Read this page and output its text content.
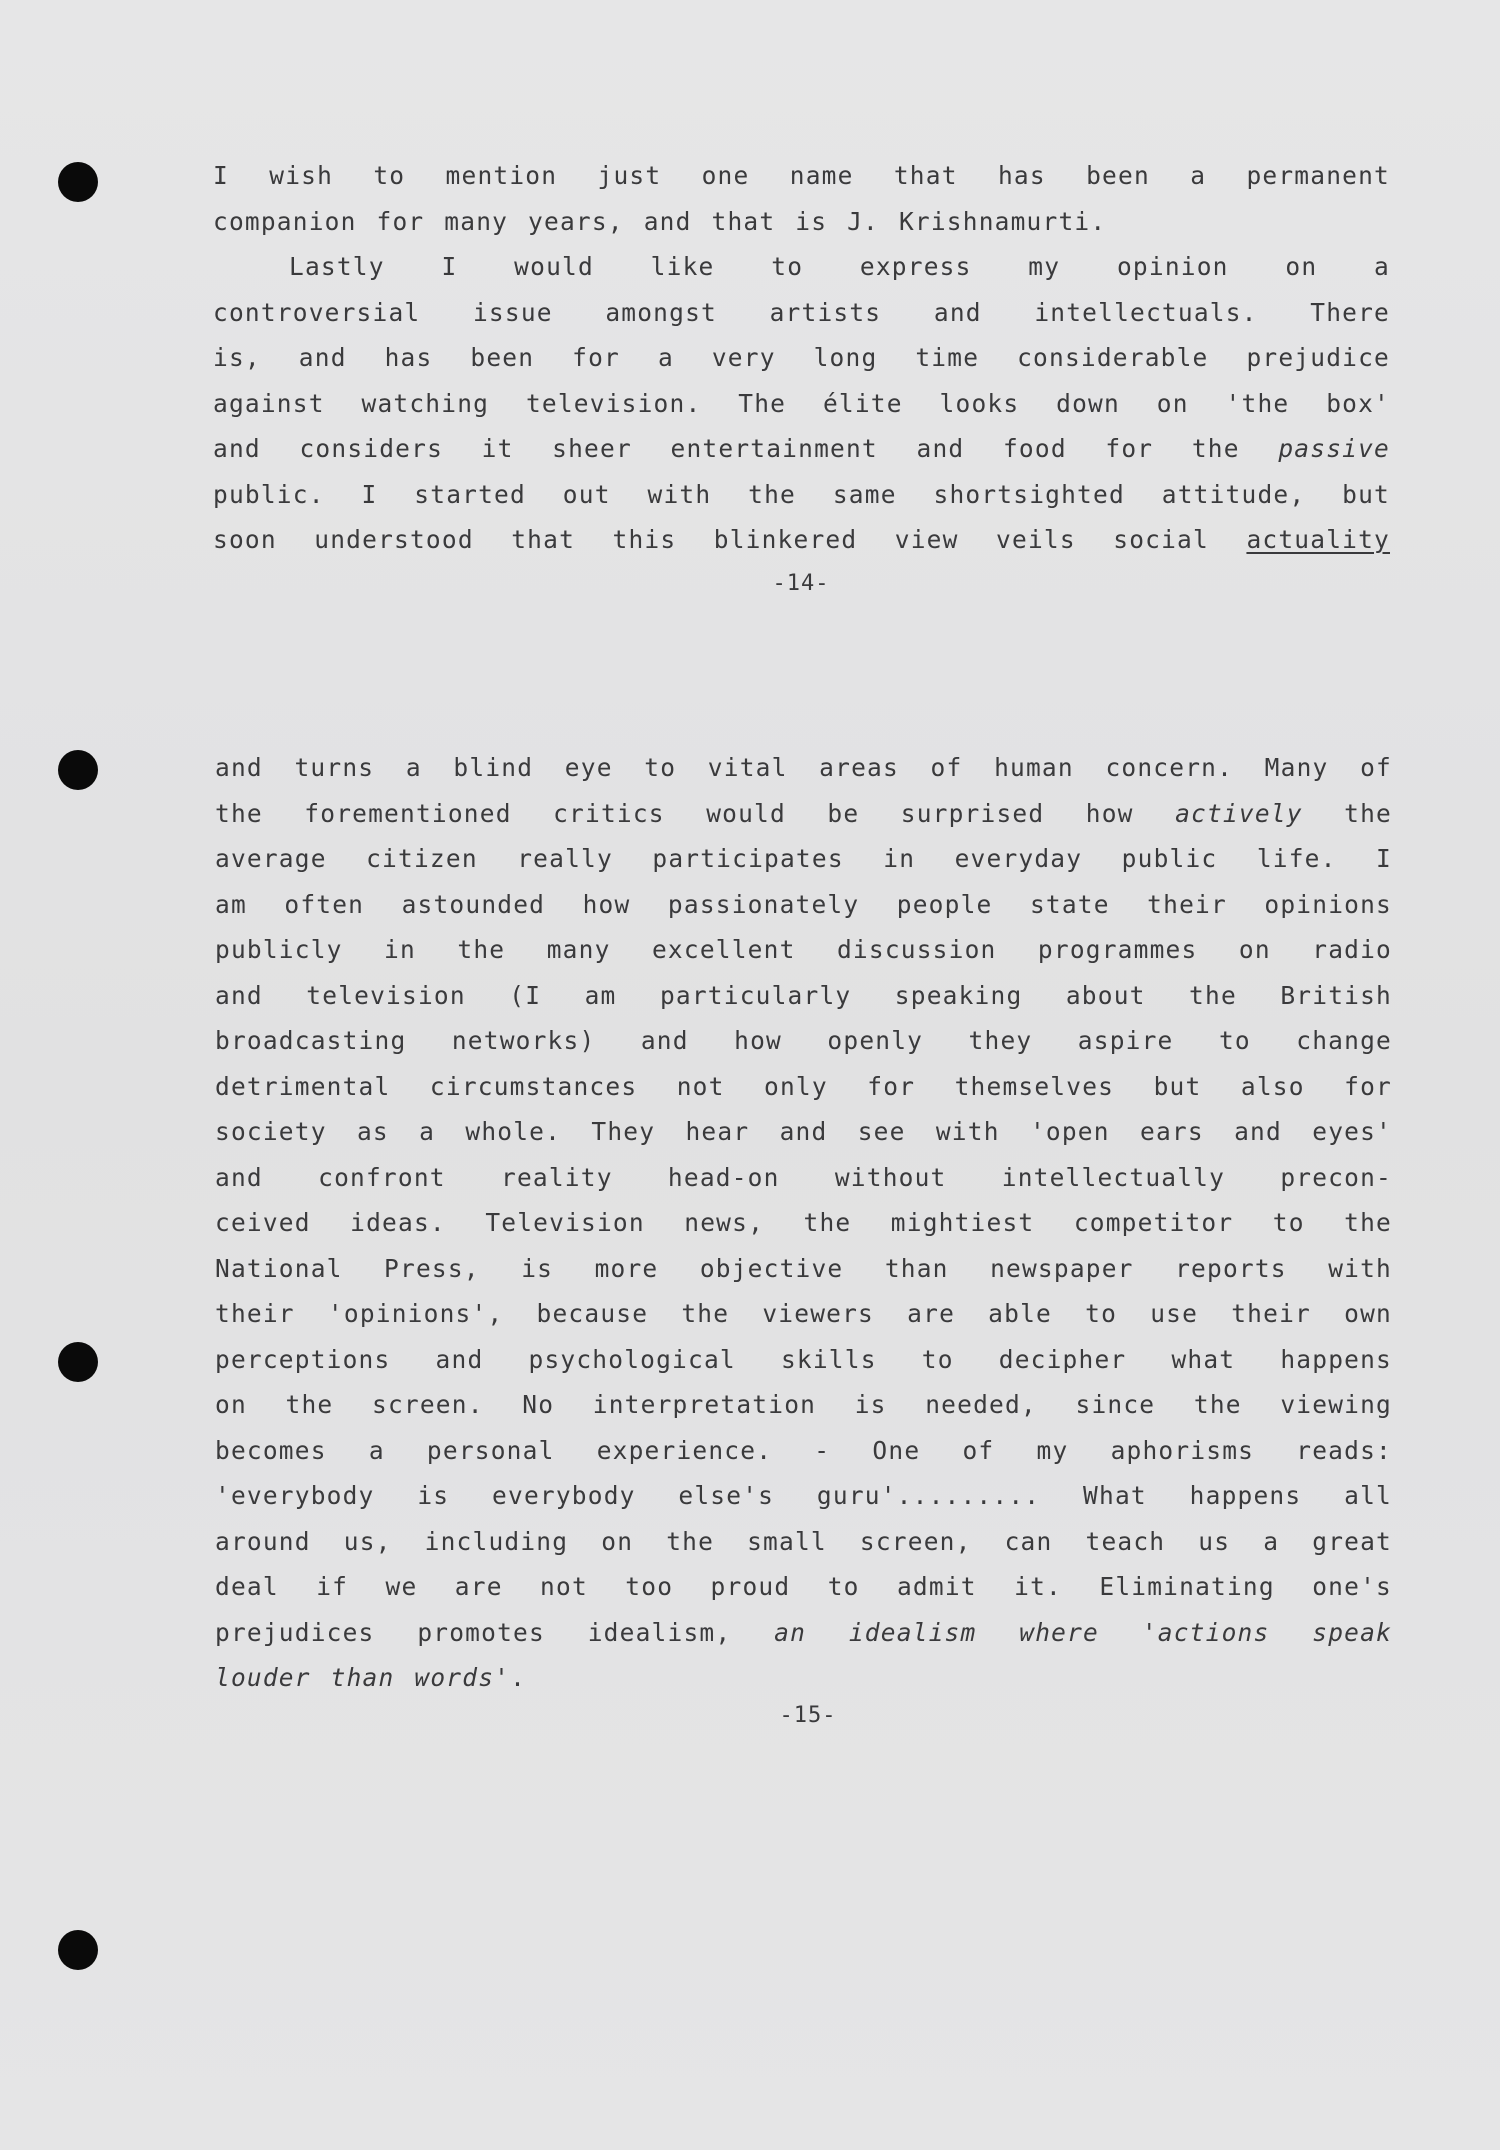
I wish to mention just one name that has been a permanent
companion for many years, and that is J. Krishnamurti.
Lastly I would like to express my opinion on a
controversial issue amongst artists and intellectuals. There
is, and has been for a very long time considerable prejudice
against watching television. The élite looks down on 'the box'
and considers it sheer entertainment and food for the passive
public. I started out with the same shortsighted attitude, but
soon understood that this blinkered view veils social actuality
-14-
and turns a blind eye to vital areas of human concern. Many of
the forementioned critics would be surprised how actively the
average citizen really participates in everyday public life. I
am often astounded how passionately people state their opinions
publicly in the many excellent discussion programmes on radio
and television (I am particularly speaking about the British
broadcasting networks) and how openly they aspire to change
detrimental circumstances not only for themselves but also for
society as a whole. They hear and see with 'open ears and eyes'
and confront reality head-on without intellectually precon-
ceived ideas. Television news, the mightiest competitor to the
National Press, is more objective than newspaper reports with
their 'opinions', because the viewers are able to use their own
perceptions and psychological skills to decipher what happens
on the screen. No interpretation is needed, since the viewing
becomes a personal experience. - One of my aphorisms reads:
'everybody is everybody else's guru'......... What happens all
around us, including on the small screen, can teach us a great
deal if we are not too proud to admit it. Eliminating one's
prejudices promotes idealism, an idealism where 'actions speak
louder than words'.
-15-
